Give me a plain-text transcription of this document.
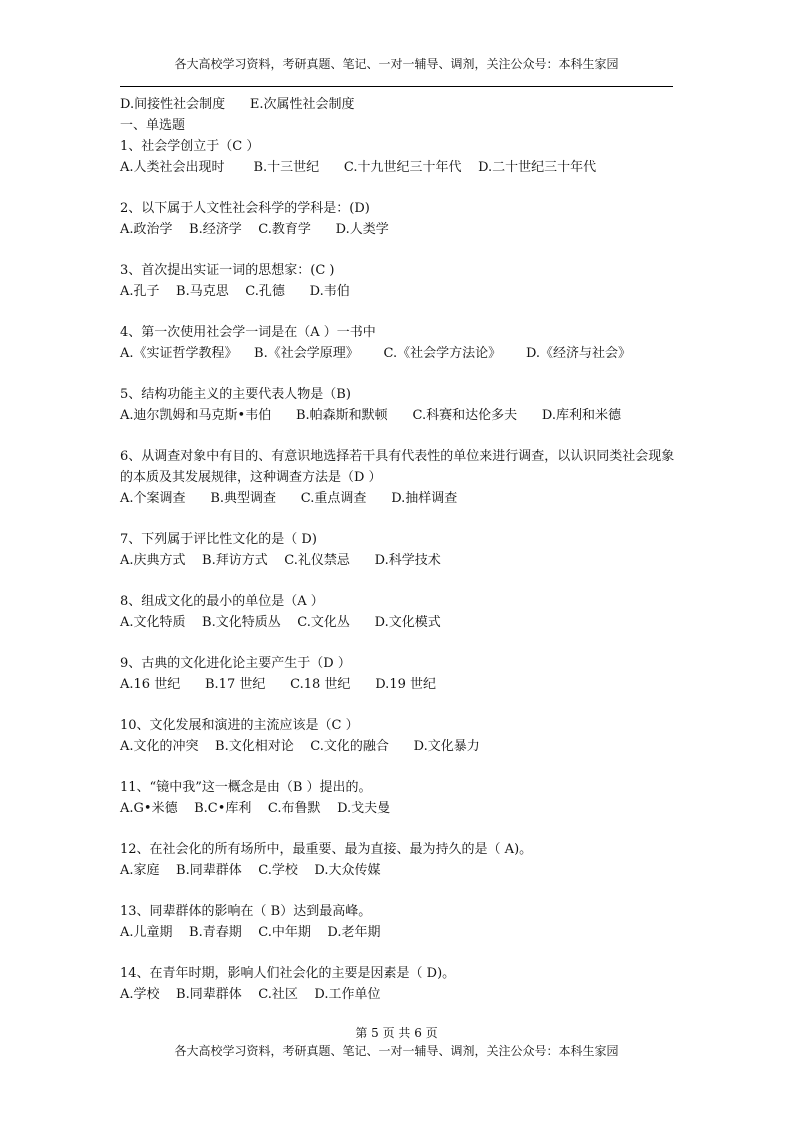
各大高校学习资料，考研真题、笔记、一对一辅导、调剂，关注公众号：本科生家园

D.间接性社会制度      E.次属性社会制度

一、单选题

1、社会学创立于（C ）

A.人类社会出现时       B.十三世纪      C.十九世纪三十年代    D.二十世纪三十年代

2、以下属于人文性社会科学的学科是：(D)

A.政治学    B.经济学    C.教育学      D.人类学

3、首次提出实证一词的思想家：(C )

A.孔子    B.马克思    C.孔德      D.韦伯

4、第一次使用社会学一词是在（A ）一书中

A.《实证哲学教程》    B.《社会学原理》      C.《社会学方法论》      D.《经济与社会》

5、结构功能主义的主要代表人物是（B)

A.迪尔凯姆和马克斯•韦伯      B.帕森斯和默顿      C.科赛和达伦多夫      D.库利和米德

6、从调查对象中有目的、有意识地选择若干具有代表性的单位来进行调查，以认识同类社会现象的本质及其发展规律，这种调查方法是（D ）

A.个案调查      B.典型调查      C.重点调查      D.抽样调查

7、下列属于评比性文化的是（ D)

A.庆典方式    B.拜访方式    C.礼仪禁忌      D.科学技术

8、组成文化的最小的单位是（A ）

A.文化特质    B.文化特质丛    C.文化丛      D.文化模式

9、古典的文化进化论主要产生于（D ）

A.16 世纪      B.17 世纪      C.18 世纪      D.19 世纪

10、文化发展和演进的主流应该是（C ）

A.文化的冲突    B.文化相对论    C.文化的融合      D.文化暴力

11、“镜中我”这一概念是由（B ）提出的。

A.G•米德    B.C•库利    C.布鲁默    D.戈夫曼

12、在社会化的所有场所中，最重要、最为直接、最为持久的是（ A)。

A.家庭    B.同辈群体    C.学校    D.大众传媒

13、同辈群体的影响在（ B）达到最高峰。

A.儿童期    B.青春期    C.中年期    D.老年期

14、在青年时期，影响人们社会化的主要是因素是（ D)。

A.学校    B.同辈群体    C.社区    D.工作单位

第 5 页 共 6 页
各大高校学习资料，考研真题、笔记、一对一辅导、调剂，关注公众号：本科生家园
